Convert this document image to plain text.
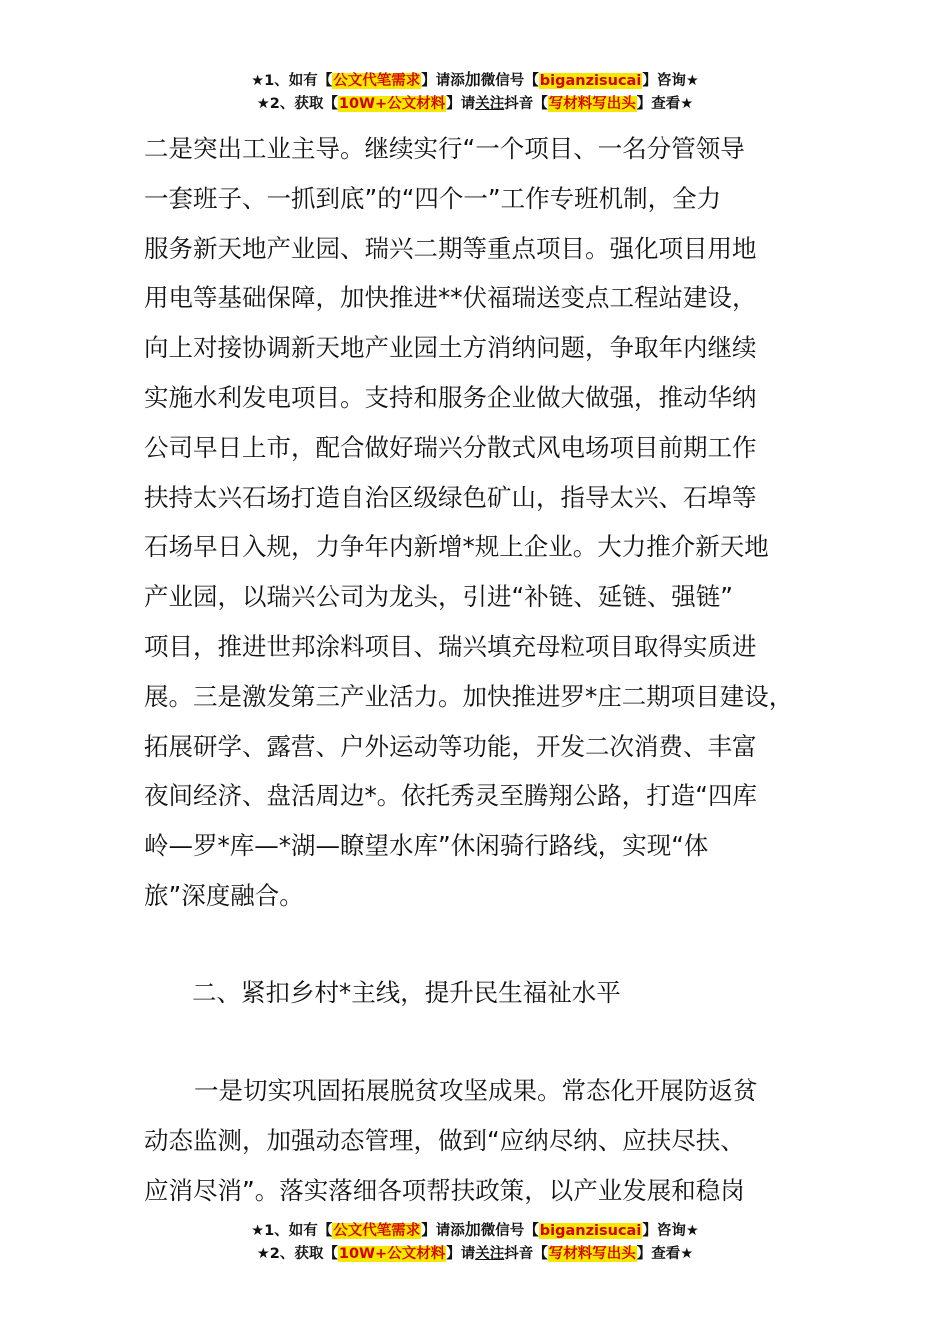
★1、如有【公文代笔需求】请添加微信号【biganzisucai】咨询★
★2、获取【10W+公文材料】请关注抖音【写材料写出头】查看★
二是突出工业主导。继续实行“一个项目、一名分管领导
一套班子、一抓到底”的“四个一”工作专班机制，全力
服务新天地产业园、瑞兴二期等重点项目。强化项目用地
用电等基础保障，加快推进**伏福瑞送变点工程站建设，
向上对接协调新天地产业园土方消纳问题，争取年内继续
实施水利发电项目。支持和服务企业做大做强，推动华纳
公司早日上市，配合做好瑞兴分散式风电场项目前期工作
扶持太兴石场打造自治区级绿色矿山，指导太兴、石埠等
石场早日入规，力争年内新增*规上企业。大力推介新天地
产业园，以瑞兴公司为龙头，引进“补链、延链、强链”
项目，推进世邦涂料项目、瑞兴填充母粒项目取得实质进
展。三是激发第三产业活力。加快推进罗*庄二期项目建设，
拓展研学、露营、户外运动等功能，开发二次消费、丰富
夜间经济、盘活周边*。依托秀灵至腾翔公路，打造“四库
岭—罗*库—*湖—瞭望水库”休闲骑行路线，实现“体
旅”深度融合。
二、紧扣乡村*主线，提升民生福祉水平
一是切实巩固拓展脱贫攻坚成果。常态化开展防返贫
动态监测，加强动态管理，做到“应纳尽纳、应扶尽扶、
应消尽消”。落实落细各项帮扶政策，以产业发展和稳岗
★1、如有【公文代笔需求】请添加微信号【biganzisucai】咨询★
★2、获取【10W+公文材料】请关注抖音【写材料写出头】查看★
